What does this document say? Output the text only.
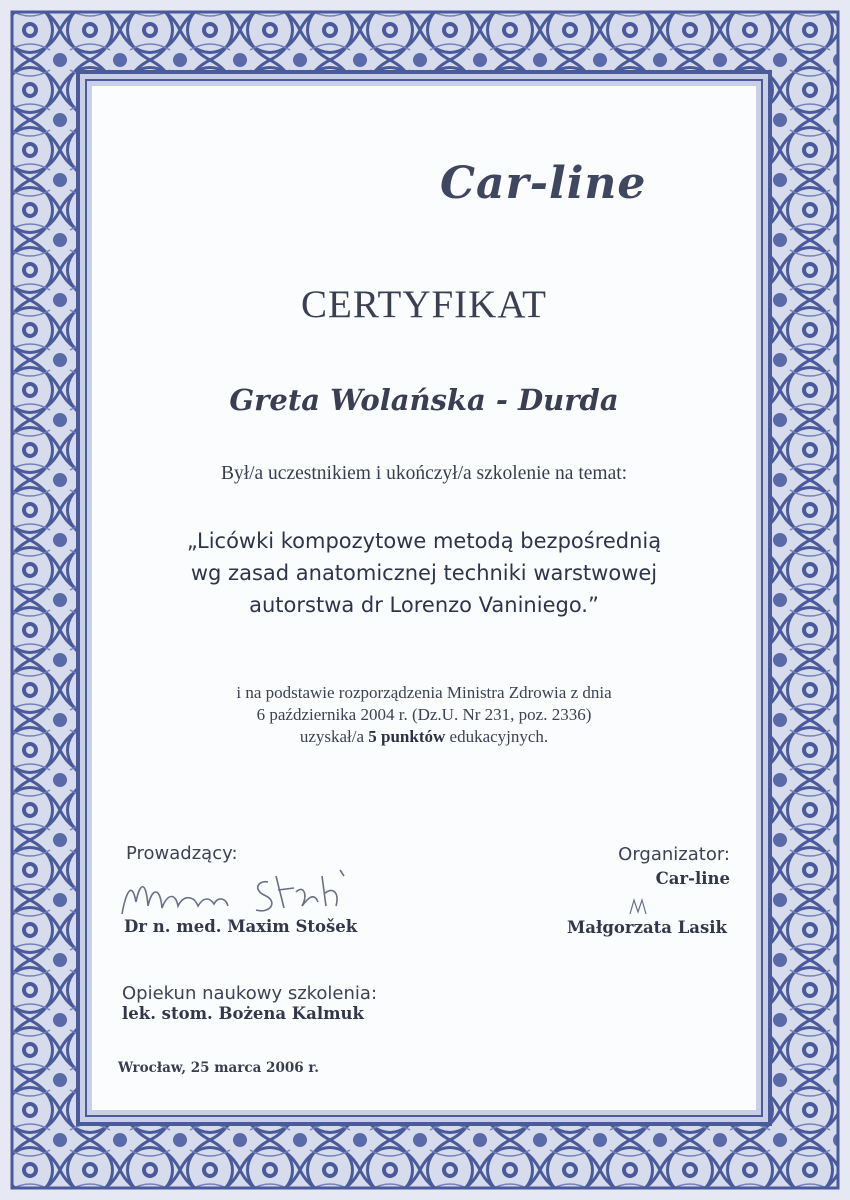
Car-line
CERTYFIKAT
Greta Wolańska - Durda
Był/a uczestnikiem i ukończył/a szkolenie na temat:
„Licówki kompozytowe metodą bezpośrednią
wg zasad anatomicznej techniki warstwowej
autorstwa dr Lorenzo Vaniniego.”
i na podstawie rozporządzenia Ministra Zdrowia z dnia
6 października 2004 r. (Dz.U. Nr 231, poz. 2336)
uzyskał/a 5 punktów edukacyjnych.
Prowadzący:
Dr n. med. Maxim Stošek
Organizator:
Car-line
Małgorzata Lasik
Opiekun naukowy szkolenia:
lek. stom. Bożena Kalmuk
Wrocław, 25 marca 2006 r.
